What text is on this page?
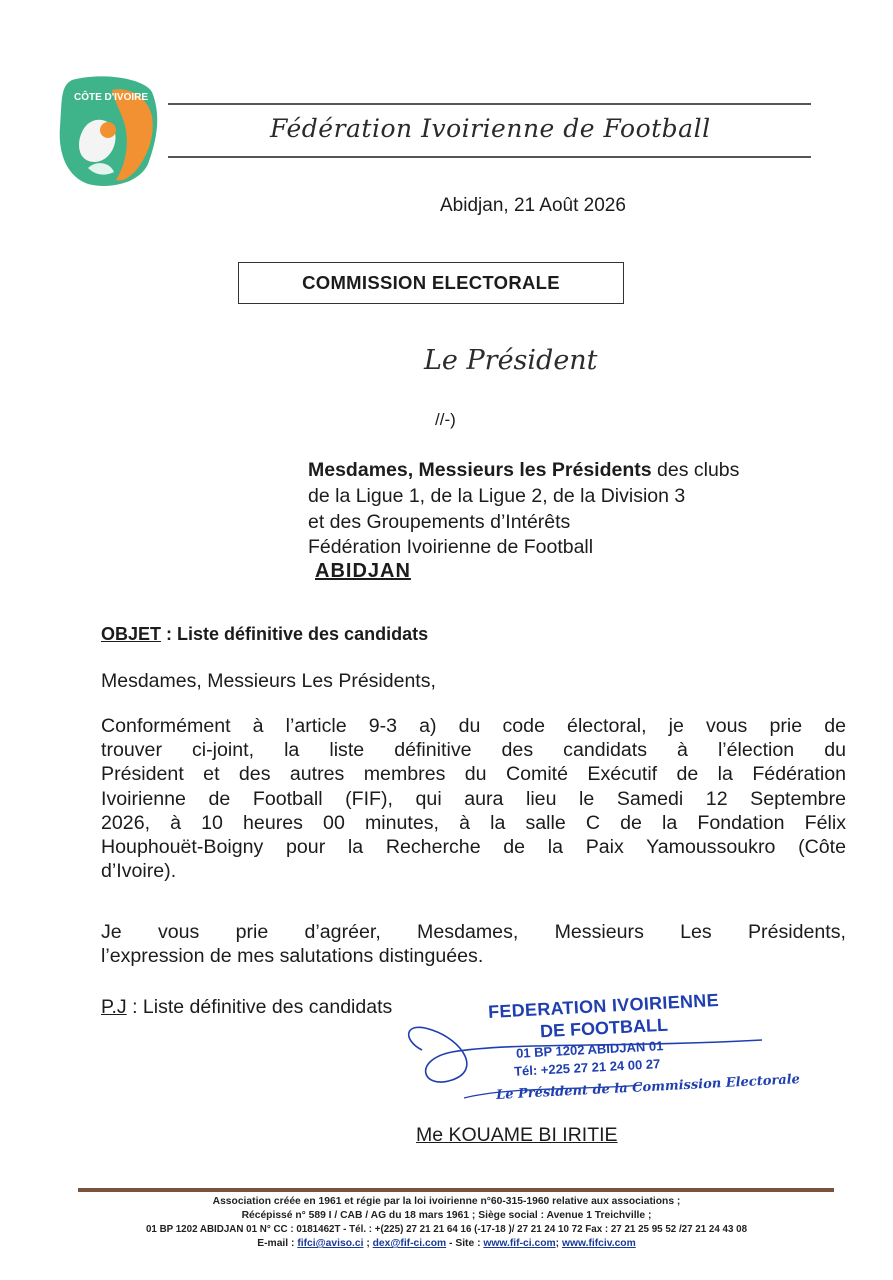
CÔTE D'IVOIRE
Fédération Ivoirienne de Football
Abidjan, 21 Août 2026
COMMISSION ELECTORALE
Le Président
//-)
Mesdames, Messieurs les Présidents des clubs
de la Ligue 1, de la Ligue 2, de la Division 3
et des Groupements d’Intérêts
Fédération Ivoirienne de Football
ABIDJAN
OBJET : Liste définitive des candidats
Mesdames, Messieurs Les Présidents,
Conformément à l’article 9-3 a) du code électoral, je vous prie de
trouver ci-joint, la liste définitive des candidats à l’élection du
Président et des autres membres du Comité Exécutif de la Fédération
Ivoirienne de Football (FIF), qui aura lieu le Samedi 12 Septembre
2026, à 10 heures 00 minutes, à la salle C de la Fondation Félix
Houphouët-Boigny pour la Recherche de la Paix Yamoussoukro (Côte
d’Ivoire).
Je vous prie d’agréer, Mesdames, Messieurs Les Présidents,
l’expression de mes salutations distinguées.
P.J : Liste définitive des candidats	FEDERATION IVOIRIENNE
DE FOOTBALL
01 BP 1202 ABIDJAN 01
Tél: +225 27 21 24 00 27
Le Président de la Commission Electorale
Me KOUAME BI IRITIE
Association créée en 1961 et régie par la loi ivoirienne n°60-315-1960 relative aux associations ;
Récépissé n° 589 I / CAB / AG du 18 mars 1961 ; Siège social : Avenue 1 Treichville ;
01 BP 1202 ABIDJAN 01 N° CC : 0181462T - Tél. : +(225) 27 21 21 64 16 (-17-18 )/ 27 21 24 10 72 Fax : 27 21 25 95 52 /27 21 24 43 08
E-mail : fifci@aviso.ci ; dex@fif-ci.com - Site : www.fif-ci.com; www.fifciv.com
